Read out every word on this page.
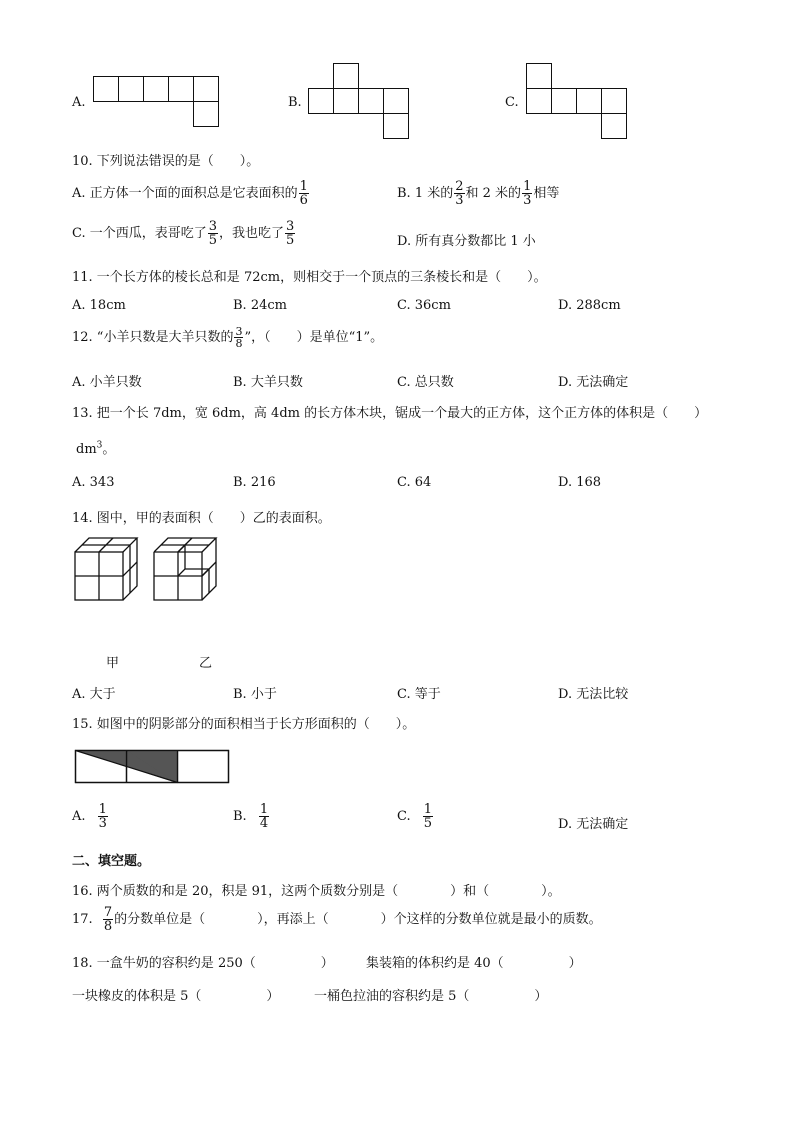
A.	B.	C.
10. 下列说法错误的是（　　）。
A. 正方体一个面的面积总是它表面积的 $\frac{1}{6}$	B. 1 米的 $\frac{2}{3}$ 和 2 米的 $\frac{1}{3}$ 相等
C. 一个西瓜，表哥吃了 $\frac{3}{5}$ ，我也吃了 $\frac{3}{5}$	D. 所有真分数都比 1 小
11. 一个长方体的棱长总和是 72cm，则相交于一个顶点的三条棱长和是（　　）。
A. 18cm	B. 24cm	C. 36cm	D. 288cm
12. “小羊只数是大羊只数的 $\frac{3}{8}$ ”，（　　）是单位“1”。
A. 小羊只数	B. 大羊只数	C. 总只数	D. 无法确定
13. 把一个长 7dm，宽 6dm，高 4dm 的长方体木块，锯成一个最大的正方体，这个正方体的体积是（　　）
$dm^3$。
A. 343	B. 216	C. 64	D. 168
14. 图中，甲的表面积（　　）乙的表面积。
甲	乙
A. 大于	B. 小于	C. 等于	D. 无法比较
15. 如图中的阴影部分的面积相当于长方形面积的（　　）。
A. $\frac{1}{3}$	B. $\frac{1}{4}$	C. $\frac{1}{5}$	D. 无法确定
二、填空题。
16. 两个质数的和是 20，积是 91，这两个质数分别是（　　　　）和（　　　　）。
17. $\frac{7}{8}$ 的分数单位是（　　　　），再添上（　　　　）个这样的分数单位就是最小的质数。
18. 一盒牛奶的容积约是 250（　　　　　） 集装箱的体积约是 40（　　　　　）
一块橡皮的体积是 5（　　　　　）	一桶色拉油的容积约是 5（　　　　　）
